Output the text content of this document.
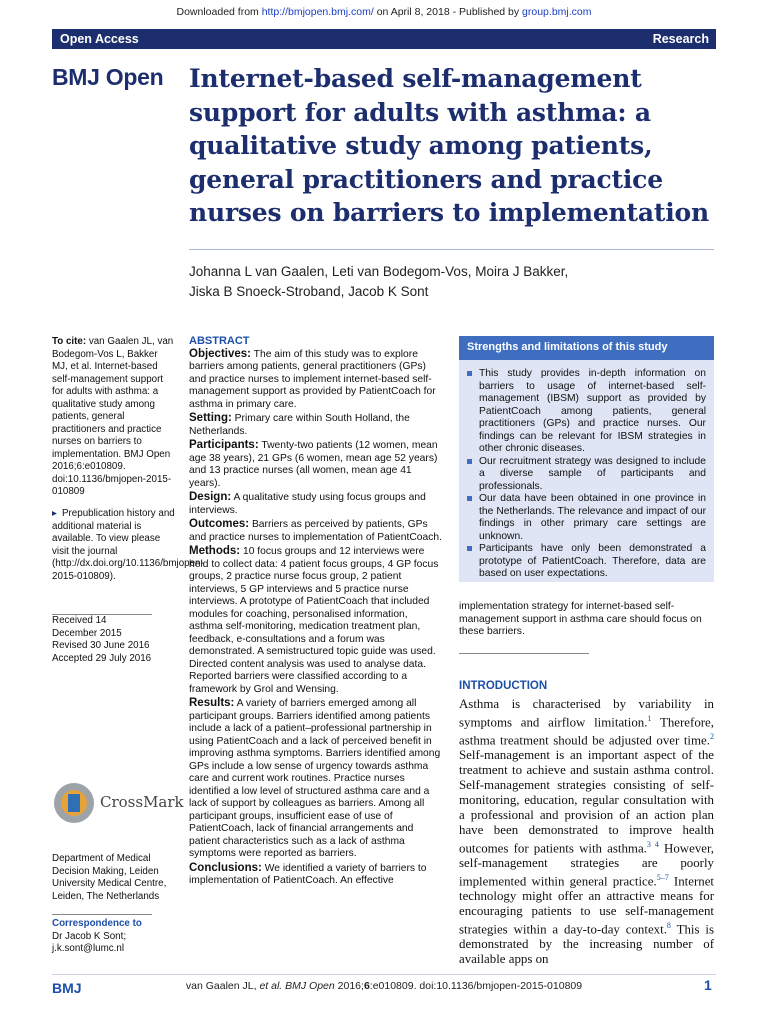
Downloaded from http://bmjopen.bmj.com/ on April 8, 2018 - Published by group.bmj.com
Open Access	Research
BMJ Open Internet-based self-management support for adults with asthma: a qualitative study among patients, general practitioners and practice nurses on barriers to implementation
Johanna L van Gaalen, Leti van Bodegom-Vos, Moira J Bakker,
Jiska B Snoeck-Stroband, Jacob K Sont
To cite: van Gaalen JL, van Bodegom-Vos L, Bakker MJ, et al. Internet-based self-management support for adults with asthma: a qualitative study among patients, general practitioners and practice nurses on barriers to implementation. BMJ Open 2016;6:e010809. doi:10.1136/bmjopen-2015-010809
▸ Prepublication history and additional material is available. To view please visit the journal (http://dx.doi.org/10.1136/bmjopen-2015-010809).
Received 14 December 2015
Revised 30 June 2016
Accepted 29 July 2016
CrossMark
Department of Medical Decision Making, Leiden University Medical Centre, Leiden, The Netherlands
Correspondence to
Dr Jacob K Sont;
j.k.sont@lumc.nl
ABSTRACT

Objectives: The aim of this study was to explore barriers among patients, general practitioners (GPs) and practice nurses to implement internet-based self-management support as provided by PatientCoach for asthma in primary care.

Setting: Primary care within South Holland, the Netherlands.

Participants: Twenty-two patients (12 women, mean age 38 years), 21 GPs (6 women, mean age 52 years) and 13 practice nurses (all women, mean age 41 years).

Design: A qualitative study using focus groups and interviews.

Outcomes: Barriers as perceived by patients, GPs and practice nurses to implementation of PatientCoach.

Methods: 10 focus groups and 12 interviews were held to collect data: 4 patient focus groups, 4 GP focus groups, 2 practice nurse focus group, 2 patient interviews, 5 GP interviews and 5 practice nurse interviews. A prototype of PatientCoach that included modules for coaching, personalised information, asthma self-monitoring, medication treatment plan, feedback, e-consultations and a forum was demonstrated. A semistructured topic guide was used. Directed content analysis was used to analyse data. Reported barriers were classified according to a framework by Grol and Wensing.

Results: A variety of barriers emerged among all participant groups. Barriers identified among patients include a lack of a patient–professional partnership in using PatientCoach and a lack of perceived benefit in improving asthma symptoms. Barriers identified among GPs include a low sense of urgency towards asthma care and current work routines. Practice nurses identified a low level of structured asthma care and a lack of support by colleagues as barriers. Among all participant groups, insufficient ease of use of PatientCoach, lack of financial arrangements and patient characteristics such as a lack of asthma symptoms were reported as barriers.

Conclusions: We identified a variety of barriers to implementation of PatientCoach. An effective

Strengths and limitations of this study
This study provides in-depth information on barriers to usage of internet-based self-management (IBSM) support as provided by PatientCoach among patients, general practitioners (GPs) and practice nurses. Our findings can be relevant for IBSM strategies in other chronic diseases.
Our recruitment strategy was designed to include a diverse sample of participants and professionals.
Our data have been obtained in one province in the Netherlands. The relevance and impact of our findings in other primary care settings are unknown.
Participants have only been demonstrated a prototype of PatientCoach. Therefore, data are based on user expectations.
implementation strategy for internet-based self-management support in asthma care should focus on these barriers.
INTRODUCTION
Asthma is characterised by variability in symptoms and airflow limitation.$^1$ Therefore, asthma treatment should be adjusted over time.$^2$ Self-management is an important aspect of the treatment to achieve and sustain asthma control. Self-management strategies consisting of self-monitoring, education, regular consultation with a professional and provision of an action plan have been demonstrated to improve health outcomes for patients with asthma.$^{3 4}$ However, self-management strategies are poorly implemented within general practice.$^{5-7}$ Internet technology might offer an attractive means for encouraging patients to use self-management strategies within a day-to-day context.$^8$ This is demonstrated by the increasing number of available apps on
BMJ	van Gaalen JL, et al. BMJ Open 2016;6:e010809. doi:10.1136/bmjopen-2015-010809	1
